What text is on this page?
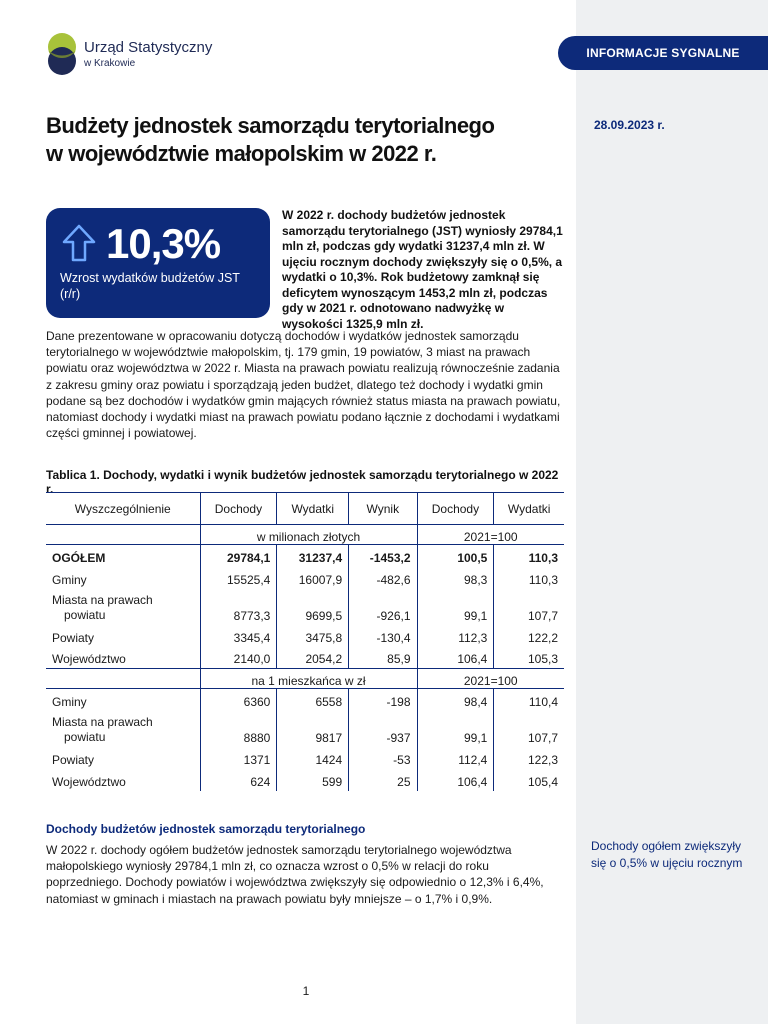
Urząd Statystyczny
w Krakowie
INFORMACJE SYGNALNE
28.09.2023 r.
Budżety jednostek samorządu terytorialnego
w województwie małopolskim w 2022 r.
10,3%
Wzrost wydatków budżetów JST (r/r)
W 2022 r. dochody budżetów jednostek samorządu terytorialnego (JST) wyniosły 29784,1 mln zł, podczas gdy wydatki 31237,4 mln zł. W ujęciu rocznym dochody zwiększyły się o 0,5%, a wydatki o 10,3%. Rok budżetowy zamknął się deficytem wynoszącym 1453,2 mln zł, podczas gdy w 2021 r. odnotowano nadwyżkę w wysokości 1325,9 mln zł.
Dane prezentowane w opracowaniu dotyczą dochodów i wydatków jednostek samorządu terytorialnego w województwie małopolskim, tj. 179 gmin, 19 powiatów, 3 miast na prawach powiatu oraz województwa w 2022 r. Miasta na prawach powiatu realizują równocześnie zadania z zakresu gminy oraz powiatu i sporządzają jeden budżet, dlatego też dochody i wydatki gmin podane są bez dochodów i wydatków gmin mających również status miasta na prawach powiatu, natomiast dochody i wydatki miast na prawach powiatu podano łącznie z dochodami i wydatkami części gminnej i powiatowej.
Tablica 1. Dochody, wydatki i wynik budżetów jednostek samorządu terytorialnego w 2022 r.
Wyszczególnienie	Dochody	Wydatki	Wynik	Dochody	Wydatki
	w milionach złotych			2021=100	
OGÓŁEM	29784,1	31237,4	-1453,2	100,5	110,3
Gminy	15525,4	16007,9	-482,6	98,3	110,3
Miasta na prawach
powiatu	8773,3	9699,5	-926,1	99,1	107,7
Powiaty	3345,4	3475,8	-130,4	112,3	122,2
Województwo	2140,0	2054,2	85,9	106,4	105,3
	na 1 mieszkańca w zł			2021=100	
Gminy	6360	6558	-198	98,4	110,4
Miasta na prawach
powiatu	8880	9817	-937	99,1	107,7
Powiaty	1371	1424	-53	112,4	122,3
Województwo	624	599	25	106,4	105,4
Dochody budżetów jednostek samorządu terytorialnego
W 2022 r. dochody ogółem budżetów jednostek samorządu terytorialnego województwa małopolskiego wyniosły 29784,1 mln zł, co oznacza wzrost o 0,5% w relacji do roku poprzedniego. Dochody powiatów i województwa zwiększyły się odpowiednio o 12,3% i 6,4%, natomiast w gminach i miastach na prawach powiatu były mniejsze – o 1,7% i 0,9%.
Dochody ogółem zwiększyły się o 0,5% w ujęciu rocznym
1
